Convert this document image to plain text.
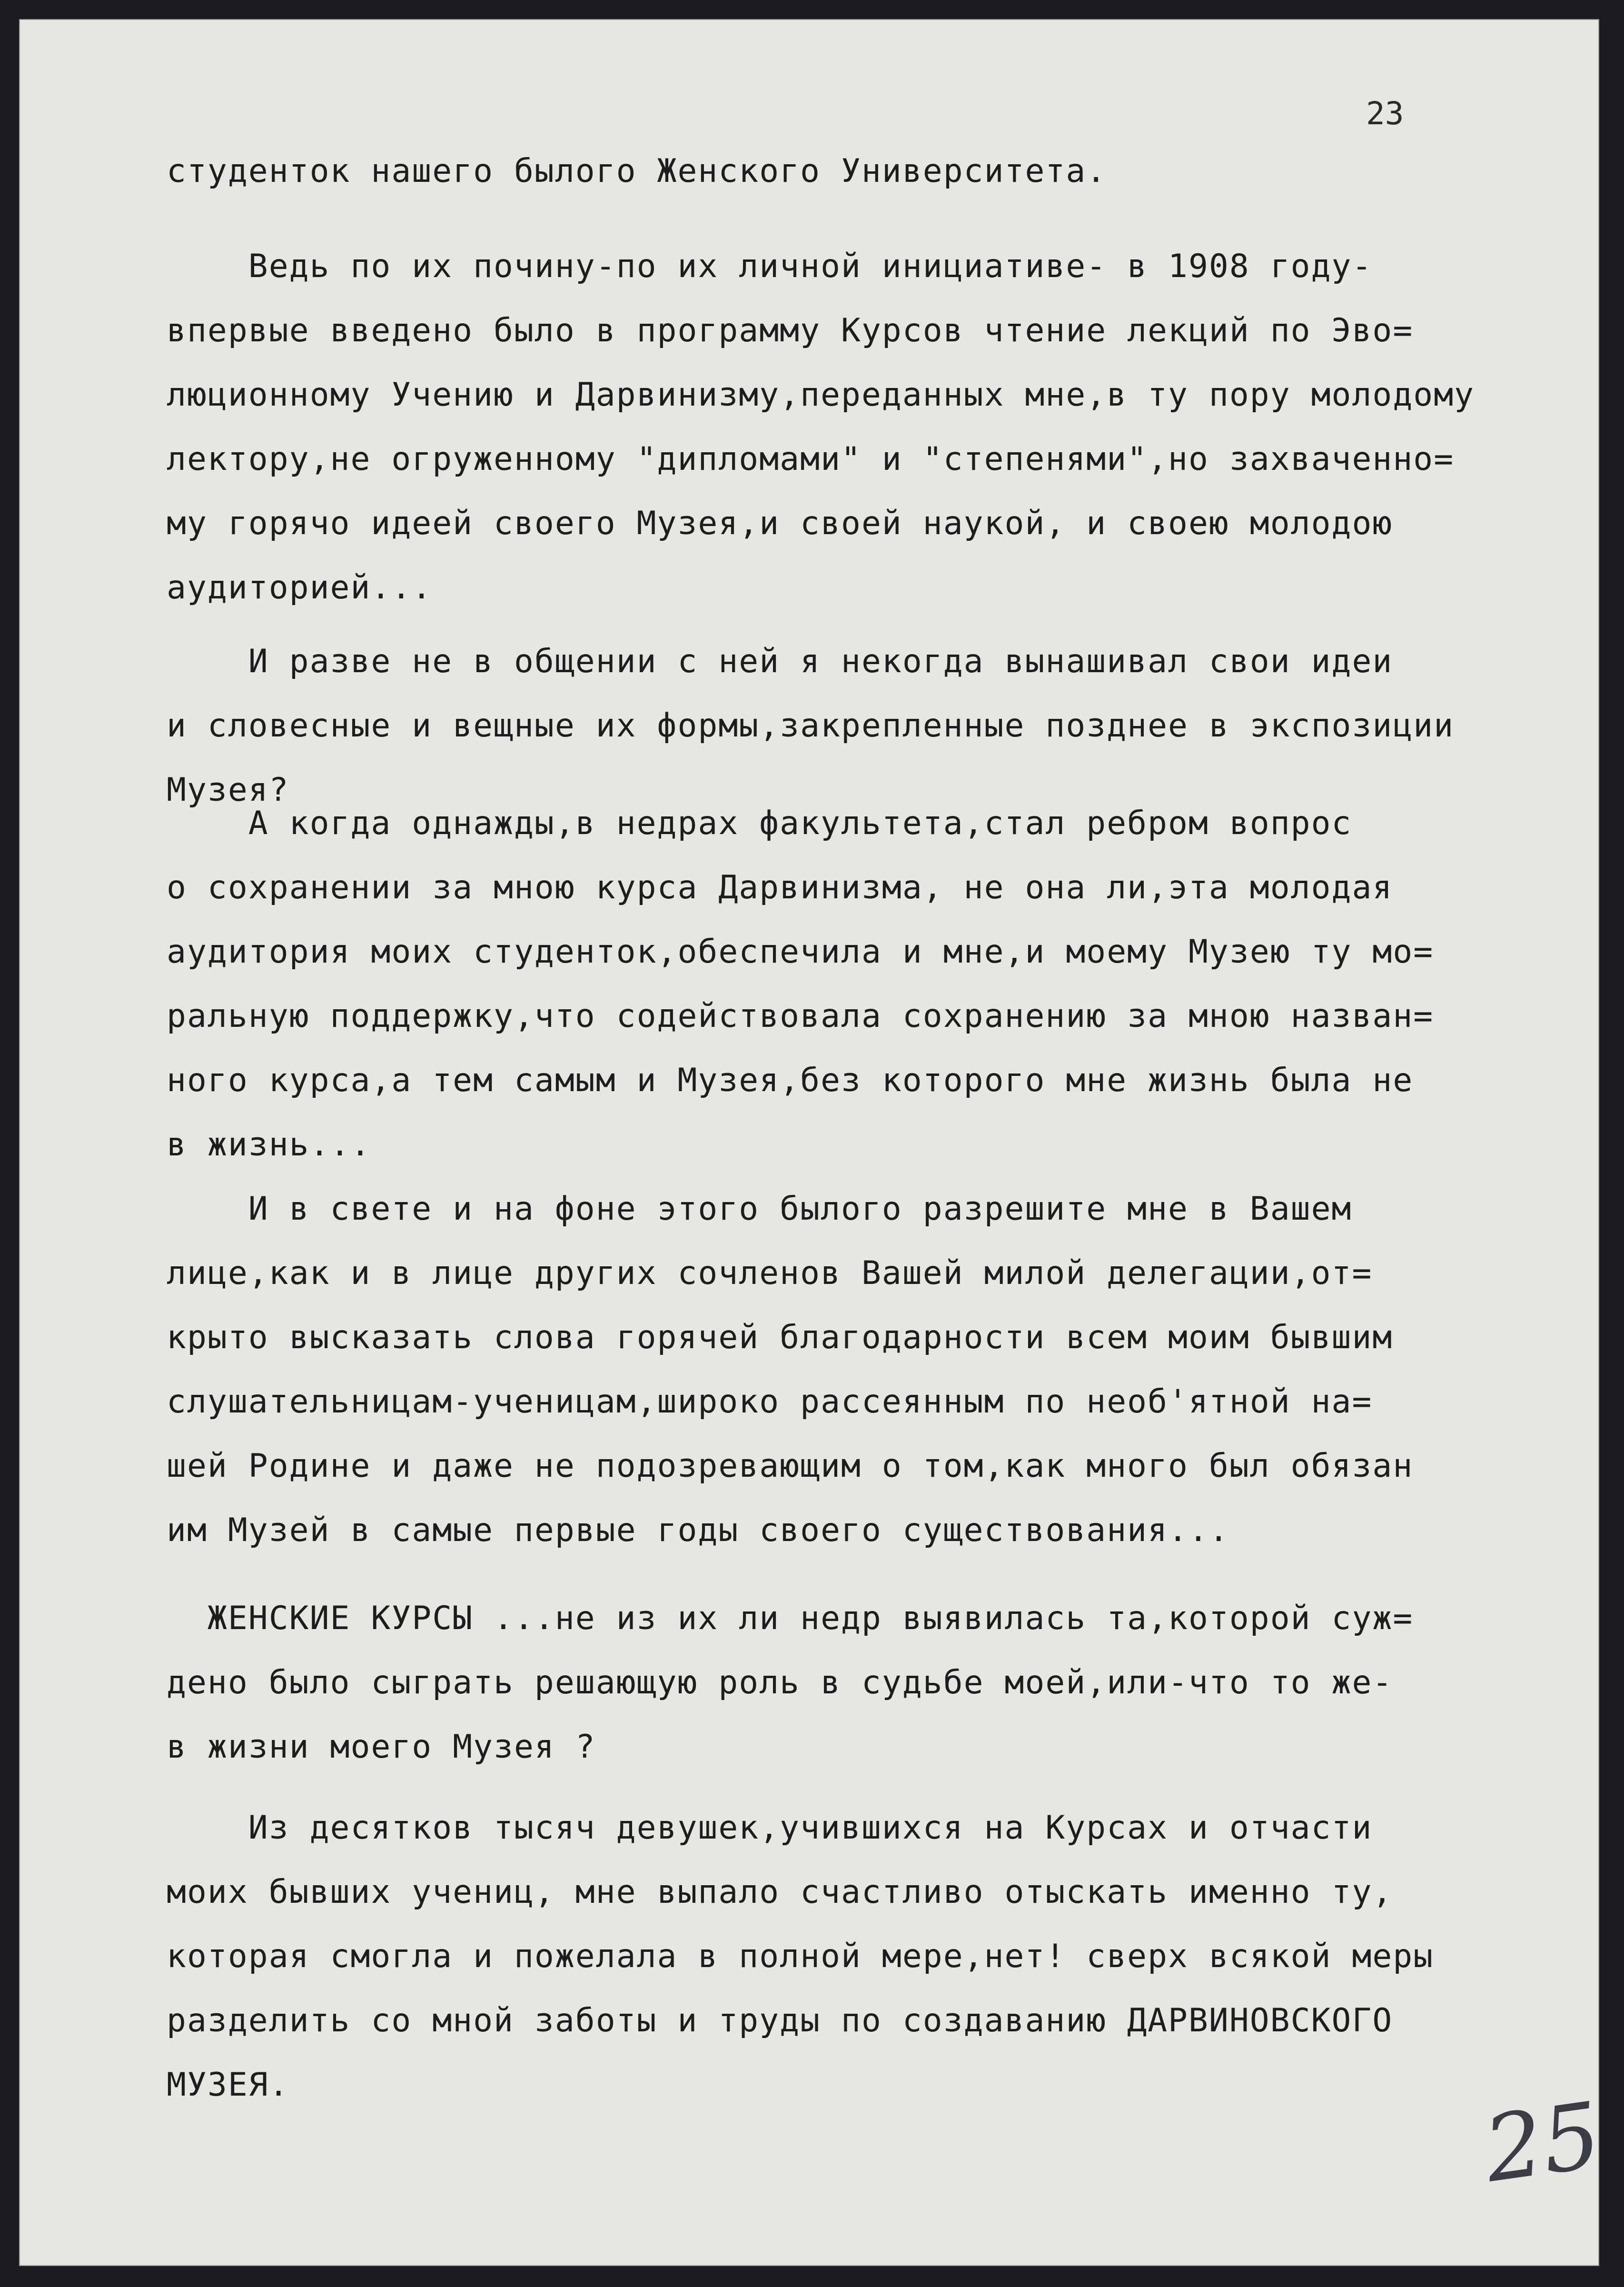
23
студенток нашего былого Женского Университета.
Ведь по их почину-по их личной инициативе- в 1908 году-
впервые введено было в программу Курсов чтение лекций по Эво=
люционному Учению и Дарвинизму,переданных мне,в ту пору молодому
лектору,не огруженному "дипломами" и "степенями",но захваченно=
му горячо идеей своего Музея,и своей наукой, и своею молодою
аудиторией...
И разве не в общении с ней я некогда вынашивал свои идеи
и словесные и вещные их формы,закрепленные позднее в экспозиции
Музея?
А когда однажды,в недрах факультета,стал ребром вопрос
о сохранении за мною курса Дарвинизма, не она ли,эта молодая
аудитория моих студенток,обеспечила и мне,и моему Музею ту мо=
ральную поддержку,что содействовала сохранению за мною назван=
ного курса,а тем самым и Музея,без которого мне жизнь была не
в жизнь...
И в свете и на фоне этого былого разрешите мне в Вашем
лице,как и в лице других сочленов Вашей милой делегации,от=
крыто высказать слова горячей благодарности всем моим бывшим
слушательницам-ученицам,широко рассеянным по необ'ятной на=
шей Родине и даже не подозревающим о том,как много был обязан
им Музей в самые первые годы своего существования...
ЖЕНСКИЕ КУРСЫ ...не из их ли недр выявилась та,которой суж=
дено было сыграть решающую роль в судьбе моей,или-что то же-
в жизни моего Музея ?
Из десятков тысяч девушек,учившихся на Курсах и отчасти
моих бывших учениц, мне выпало счастливо отыскать именно ту,
которая смогла и пожелала в полной мере,нет! сверх всякой меры
разделить со мной заботы и труды по создаванию ДАРВИНОВСКОГО
МУЗЕЯ.	25
